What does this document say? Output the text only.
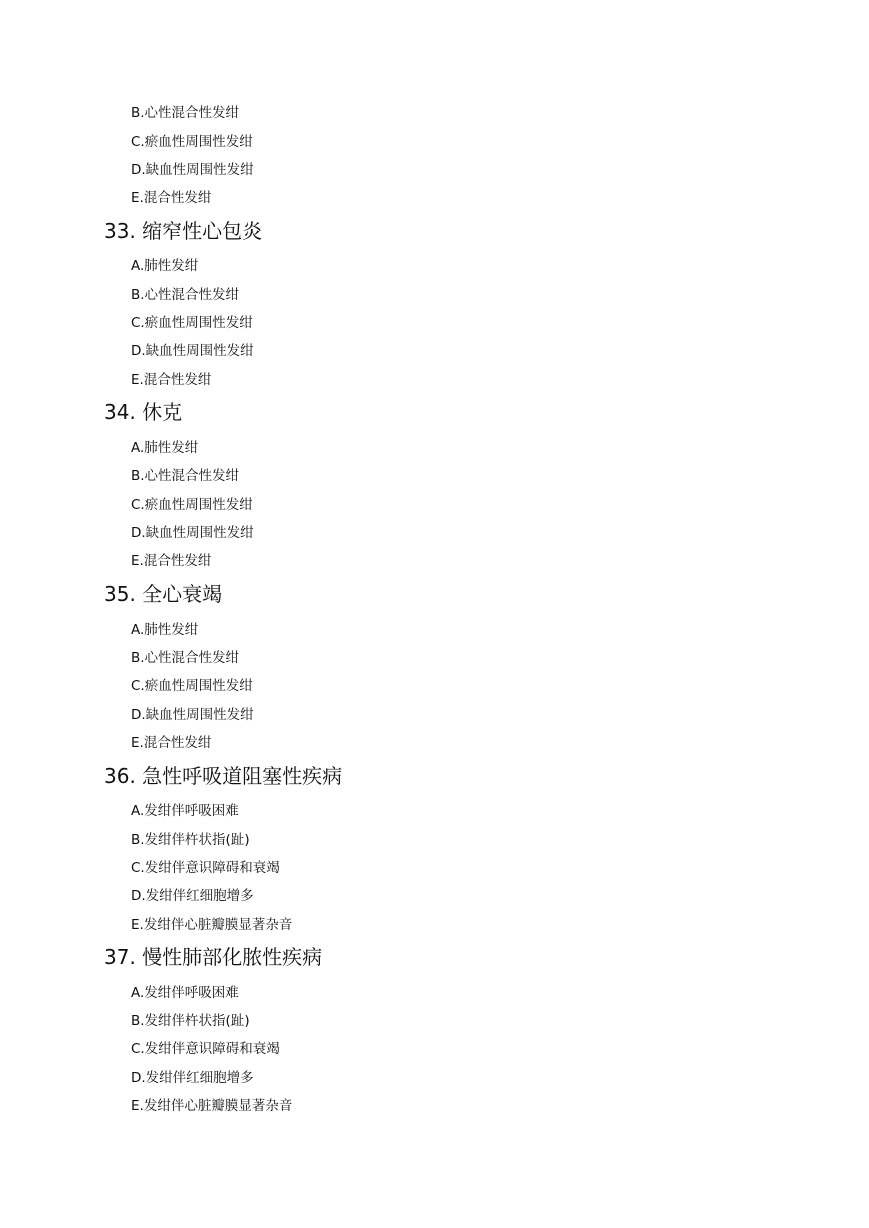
B.心性混合性发绀
C.瘀血性周围性发绀
D.缺血性周围性发绀
E.混合性发绀
33. 缩窄性心包炎
A.肺性发绀
B.心性混合性发绀
C.瘀血性周围性发绀
D.缺血性周围性发绀
E.混合性发绀
34. 休克
A.肺性发绀
B.心性混合性发绀
C.瘀血性周围性发绀
D.缺血性周围性发绀
E.混合性发绀
35. 全心衰竭
A.肺性发绀
B.心性混合性发绀
C.瘀血性周围性发绀
D.缺血性周围性发绀
E.混合性发绀
36. 急性呼吸道阻塞性疾病
A.发绀伴呼吸困难
B.发绀伴杵状指(趾)
C.发绀伴意识障碍和衰竭
D.发绀伴红细胞增多
E.发绀伴心脏瓣膜显著杂音
37. 慢性肺部化脓性疾病
A.发绀伴呼吸困难
B.发绀伴杵状指(趾)
C.发绀伴意识障碍和衰竭
D.发绀伴红细胞增多
E.发绀伴心脏瓣膜显著杂音
